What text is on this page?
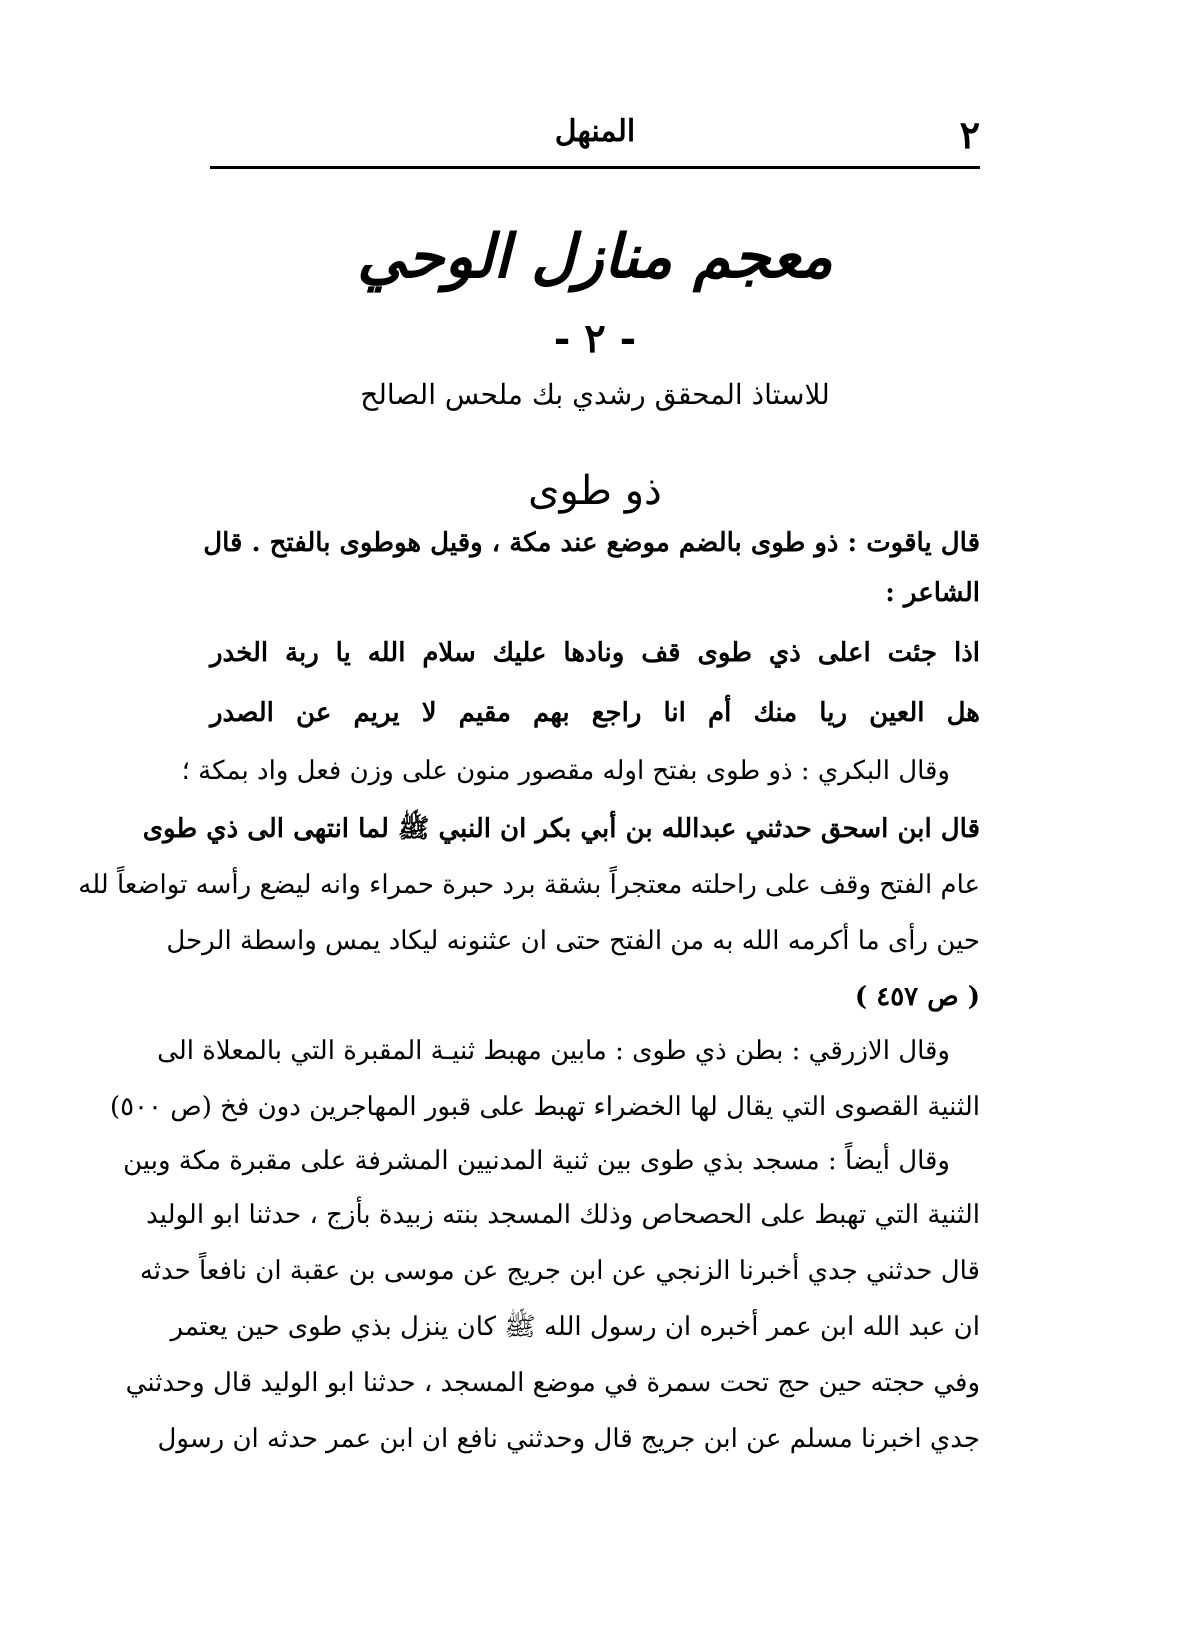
٢
المنهل
معجم منازل الوحي
- ٢ -
للاستاذ المحقق رشدي بك ملحس الصالح
ذو طوى
قال ياقوت : ذو طوى بالضم موضع عند مكة ، وقيل هوطوى بالفتح . قال
الشاعر :
اذا جئت اعلى ذي طوى قف ونادها عليك سلام الله يا ربة الخدر
هل العين ريا منك أم انا راجع بهم مقيم لا يريم عن الصدر
وقال البكري : ذو طوى بفتح اوله مقصور منون على وزن فعل واد بمكة ؛
قال ابن اسحق حدثني عبدالله بن أبي بكر ان النبي ﷺ لما انتهى الى ذي طوى
عام الفتح وقف على راحلته معتجراً بشقة برد حبرة حمراء وانه ليضع رأسه تواضعاً لله
حين رأى ما أكرمه الله به من الفتح حتى ان عثنونه ليكاد يمس واسطة الرحل
( ص ٤٥٧ )
وقال الازرقي : بطن ذي طوى : مابين مهبط ثنيـة المقبرة التي بالمعلاة الى
الثنية القصوى التي يقال لها الخضراء تهبط على قبور المهاجرين دون فخ (ص ٥٠٠)
وقال أيضاً : مسجد بذي طوى بين ثنية المدنيين المشرفة على مقبرة مكة وبين
الثنية التي تهبط على الحصحاص وذلك المسجد بنته زبيدة بأزج ، حدثنا ابو الوليد
قال حدثني جدي أخبرنا الزنجي عن ابن جريج عن موسى بن عقبة ان نافعاً حدثه
ان عبد الله ابن عمر أخبره ان رسول الله ﷺ كان ينزل بذي طوى حين يعتمر
وفي حجته حين حج تحت سمرة في موضع المسجد ، حدثنا ابو الوليد قال وحدثني
جدي اخبرنا مسلم عن ابن جريج قال وحدثني نافع ان ابن عمر حدثه ان رسول
